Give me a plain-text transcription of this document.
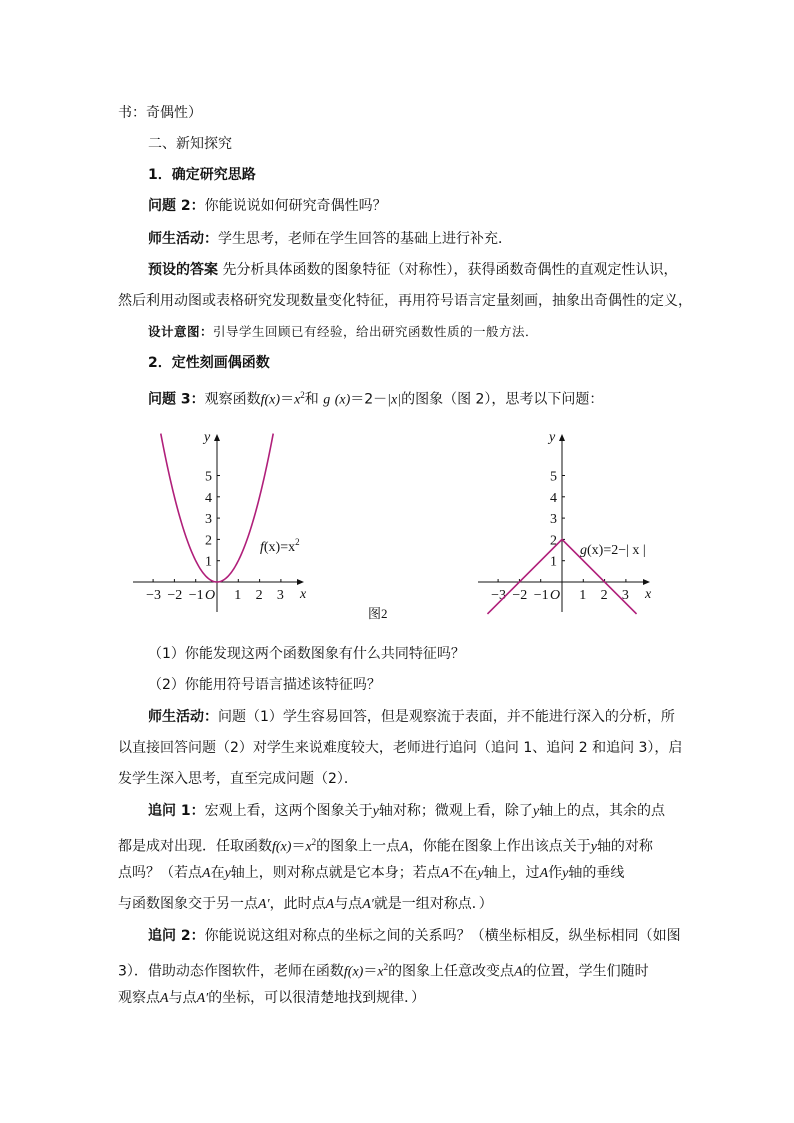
书：奇偶性）
二、新知探究
1．确定研究思路
问题 2：你能说说如何研究奇偶性吗？
师生活动：学生思考，老师在学生回答的基础上进行补充．
预设的答案 先分析具体函数的图象特征（对称性），获得函数奇偶性的直观定性认识，
然后利用动图或表格研究发现数量变化特征，再用符号语言定量刻画，抽象出奇偶性的定义，
设计意图：引导学生回顾已有经验，给出研究函数性质的一般方法．
2．定性刻画偶函数
问题 3：观察函数$f(x)=x^2$和 g (x)＝2－|x|的图象（图 2），思考以下问题：
y
x
O
−3 −2 −1 1 2 3
1
2
3
4
5
$f(x)=x^2$
y
x
O
−3 −2 −1 1 2 3
1
2
3
4
5
g(x)=2−| x |
图2
（1）你能发现这两个函数图象有什么共同特征吗？
（2）你能用符号语言描述该特征吗？
师生活动：问题（1）学生容易回答，但是观察流于表面，并不能进行深入的分析，所
以直接回答问题（2）对学生来说难度较大，老师进行追问（追问 1、追问 2 和追问 3），启
发学生深入思考，直至完成问题（2）．
追问 1：宏观上看，这两个图象关于y轴对称；微观上看，除了y轴上的点，其余的点
都是成对出现．任取函数$f(x)=x^2$的图象上一点A，你能在图象上作出该点关于y轴的对称
点吗？（若点A在y轴上，则对称点就是它本身；若点A不在y轴上，过A作y轴的垂线
与函数图象交于另一点A′，此时点A与点A′就是一组对称点．）
追问 2：你能说说这组对称点的坐标之间的关系吗？（横坐标相反，纵坐标相同（如图
3）．借助动态作图软件，老师在函数$f(x)=x^2$的图象上任意改变点A的位置，学生们随时
观察点A与点A′的坐标，可以很清楚地找到规律．）
